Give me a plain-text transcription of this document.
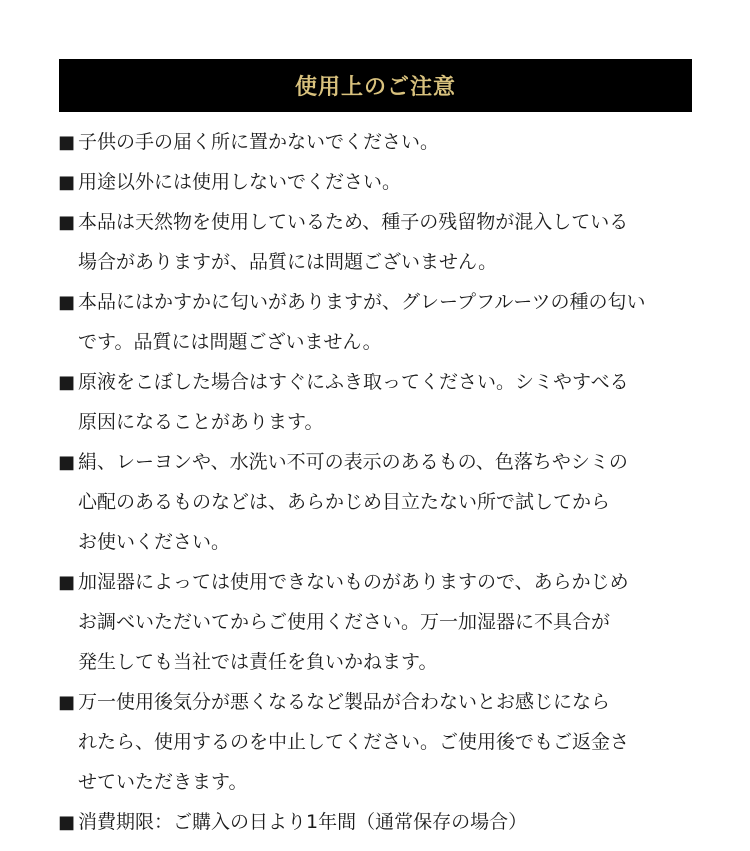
使用上のご注意
■ 子供の手の届く所に置かないでください。
■ 用途以外には使用しないでください。
■ 本品は天然物を使用しているため、種子の残留物が混入している
場合がありますが、品質には問題ございません。
■ 本品にはかすかに匂いがありますが、グレープフルーツの種の匂い
です。品質には問題ございません。
■ 原液をこぼした場合はすぐにふき取ってください。シミやすべる
原因になることがあります。
■ 絹、レーヨンや、水洗い不可の表示のあるもの、色落ちやシミの
心配のあるものなどは、あらかじめ目立たない所で試してから
お使いください。
■ 加湿器によっては使用できないものがありますので、あらかじめ
お調べいただいてからご使用ください。万一加湿器に不具合が
発生しても当社では責任を負いかねます。
■ 万一使用後気分が悪くなるなど製品が合わないとお感じになら
れたら、使用するのを中止してください。ご使用後でもご返金さ
せていただきます。
■ 消費期限：ご購入の日より1年間（通常保存の場合）
